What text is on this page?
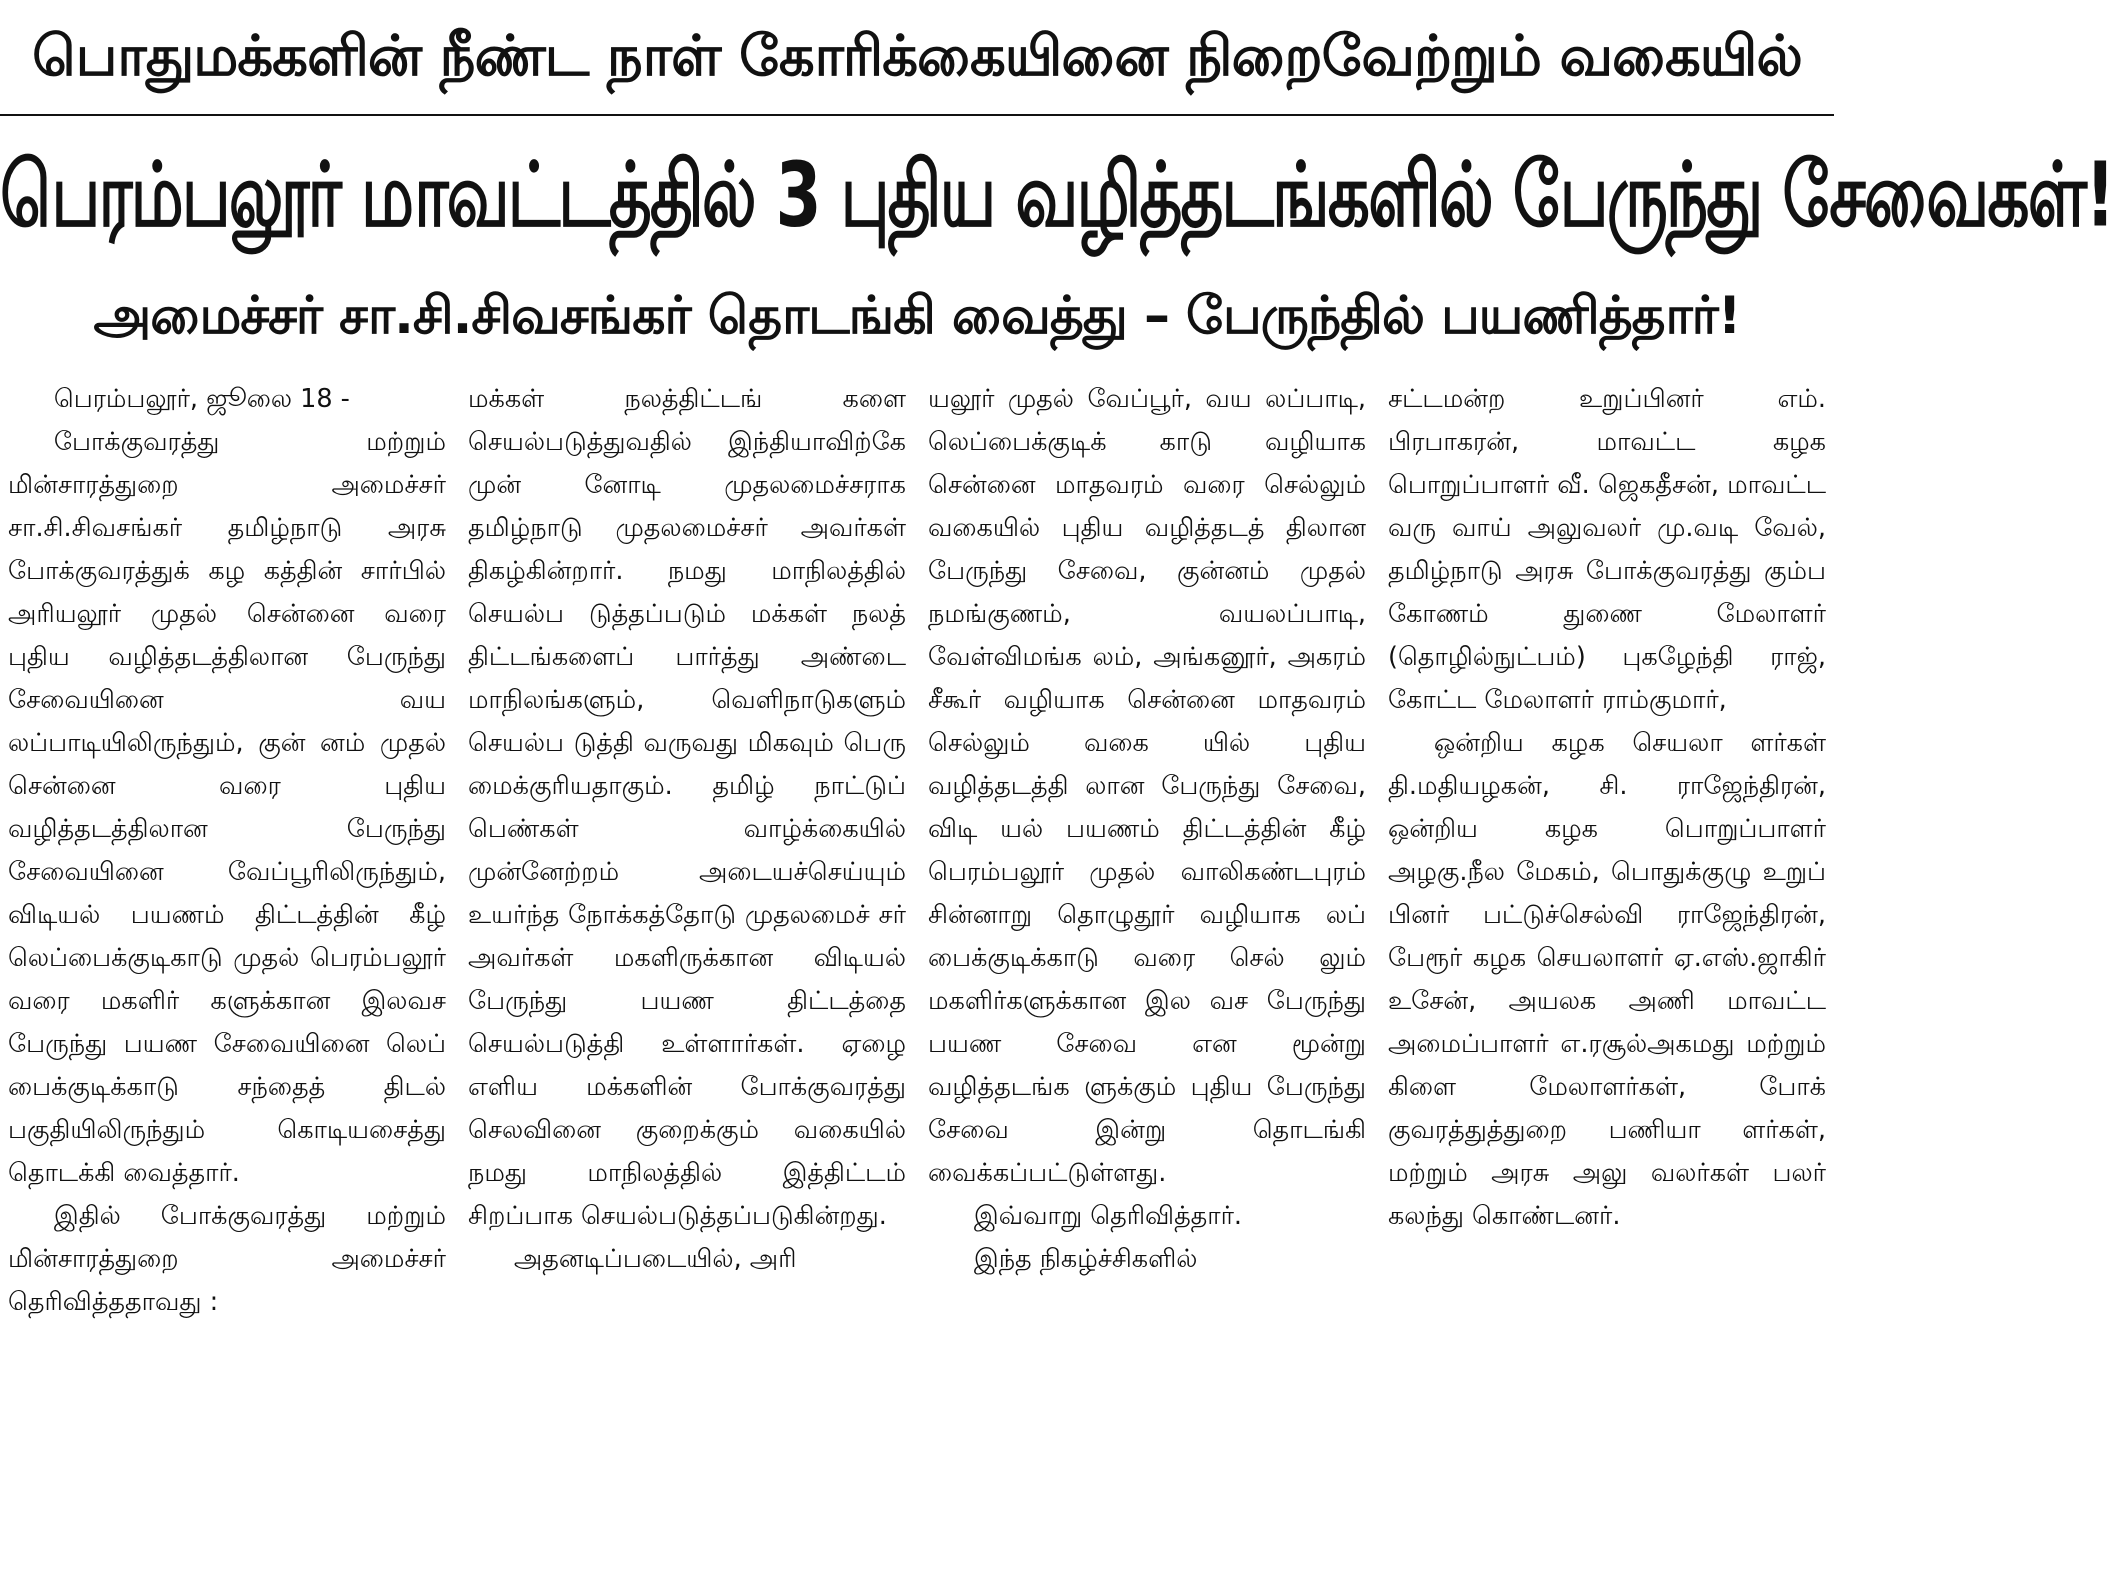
பொதுமக்களின் நீண்ட நாள் கோரிக்கையினை நிறைவேற்றும் வகையில்
பெரம்பலூர் மாவட்டத்தில் 3 புதிய வழித்தடங்களில் பேருந்து சேவைகள்!
அமைச்சர் சா.சி.சிவசங்கர் தொடங்கி வைத்து – பேருந்தில் பயணித்தார்!

பெரம்பலூர், ஜூலை 18 -

போக்குவரத்து மற்றும் மின்சாரத்துறை அமைச்சர் சா.சி.சிவசங்கர் தமிழ்நாடு அரசு போக்குவரத்துக் கழ கத்தின் சார்பில் அரியலூர் முதல் சென்னை வரை புதிய வழித்தடத்திலான பேருந்து சேவையினை வய லப்பாடியிலிருந்தும், குன் னம் முதல் சென்னை வரை புதிய வழித்தடத்திலான பேருந்து சேவையினை வேப்பூரிலிருந்தும், விடியல் பயணம் திட்டத்தின் கீழ் லெப்பைக்குடிகாடு முதல் பெரம்பலூர் வரை மகளிர் களுக்கான இலவச பேருந்து பயண சேவையினை லெப் பைக்குடிக்காடு சந்தைத் திடல் பகுதியிலிருந்தும் கொடியசைத்து தொடக்கி வைத்தார்.

இதில் போக்குவரத்து மற்றும் மின்சாரத்துறை அமைச்சர் தெரிவித்ததாவது :

மக்கள் நலத்திட்டங் களை செயல்படுத்துவதில் இந்தியாவிற்கே முன் னோடி முதலமைச்சராக தமிழ்நாடு முதலமைச்சர் அவர்கள் திகழ்கின்றார். நமது மாநிலத்தில் செயல்ப டுத்தப்படும் மக்கள் நலத் திட்டங்களைப் பார்த்து அண்டை மாநிலங்களும், வெளிநாடுகளும் செயல்ப டுத்தி வருவது மிகவும் பெரு மைக்குரியதாகும். தமிழ் நாட்டுப் பெண்கள் வாழ்க்கையில் முன்னேற்றம் அடையச்செய்யும் உயர்ந்த நோக்கத்தோடு முதலமைச் சர் அவர்கள் மகளிருக்கான விடியல் பேருந்து பயண திட்டத்தை செயல்படுத்தி உள்ளார்கள். ஏழை எளிய மக்களின் போக்குவரத்து செலவினை குறைக்கும் வகையில் நமது மாநிலத்தில் இத்திட்டம் சிறப்பாக செயல்படுத்தப்படுகின்றது.

அதனடிப்படையில், அரி

யலூர் முதல் வேப்பூர், வய லப்பாடி, லெப்பைக்குடிக் காடு வழியாக சென்னை மாதவரம் வரை செல்லும் வகையில் புதிய வழித்தடத் திலான பேருந்து சேவை, குன்னம் முதல் நமங்குணம், வயலப்பாடி, வேள்விமங்க லம், அங்கனூர், அகரம் சீகூர் வழியாக சென்னை மாதவரம் செல்லும் வகை யில் புதிய வழித்தடத்தி லான பேருந்து சேவை, விடி யல் பயணம் திட்டத்தின் கீழ் பெரம்பலூர் முதல் வாலிகண்டபுரம் சின்னாறு தொழுதூர் வழியாக லப் பைக்குடிக்காடு வரை செல் லும் மகளிர்களுக்கான இல வச பேருந்து பயண சேவை என மூன்று வழித்தடங்க ளுக்கும் புதிய பேருந்து சேவை இன்று தொடங்கி வைக்கப்பட்டுள்ளது.

இவ்வாறு தெரிவித்தார்.

இந்த நிகழ்ச்சிகளில்

சட்டமன்ற உறுப்பினர் எம். பிரபாகரன், மாவட்ட கழக பொறுப்பாளர் வீ. ஜெகதீசன், மாவட்ட வரு வாய் அலுவலர் மு.வடி வேல், தமிழ்நாடு அரசு போக்குவரத்து கும்ப கோணம் துணை மேலாளர் (தொழில்நுட்பம்) புகழேந்தி ராஜ், கோட்ட மேலாளர் ராம்குமார்,

ஒன்றிய கழக செயலா ளர்கள் தி.மதியழகன், சி. ராஜேந்திரன், ஒன்றிய கழக பொறுப்பாளர் அழகு.நீல மேகம், பொதுக்குழு உறுப் பினர் பட்டுச்செல்வி ராஜேந்திரன், பேரூர் கழக செயலாளர் ஏ.எஸ்.ஜாகிர் உசேன், அயலக அணி மாவட்ட அமைப்பாளர் எ.ரசூல்அகமது மற்றும் கிளை மேலாளர்கள், போக் குவரத்துத்துறை பணியா ளர்கள், மற்றும் அரசு அலு வலர்கள் பலர் கலந்து கொண்டனர்.
